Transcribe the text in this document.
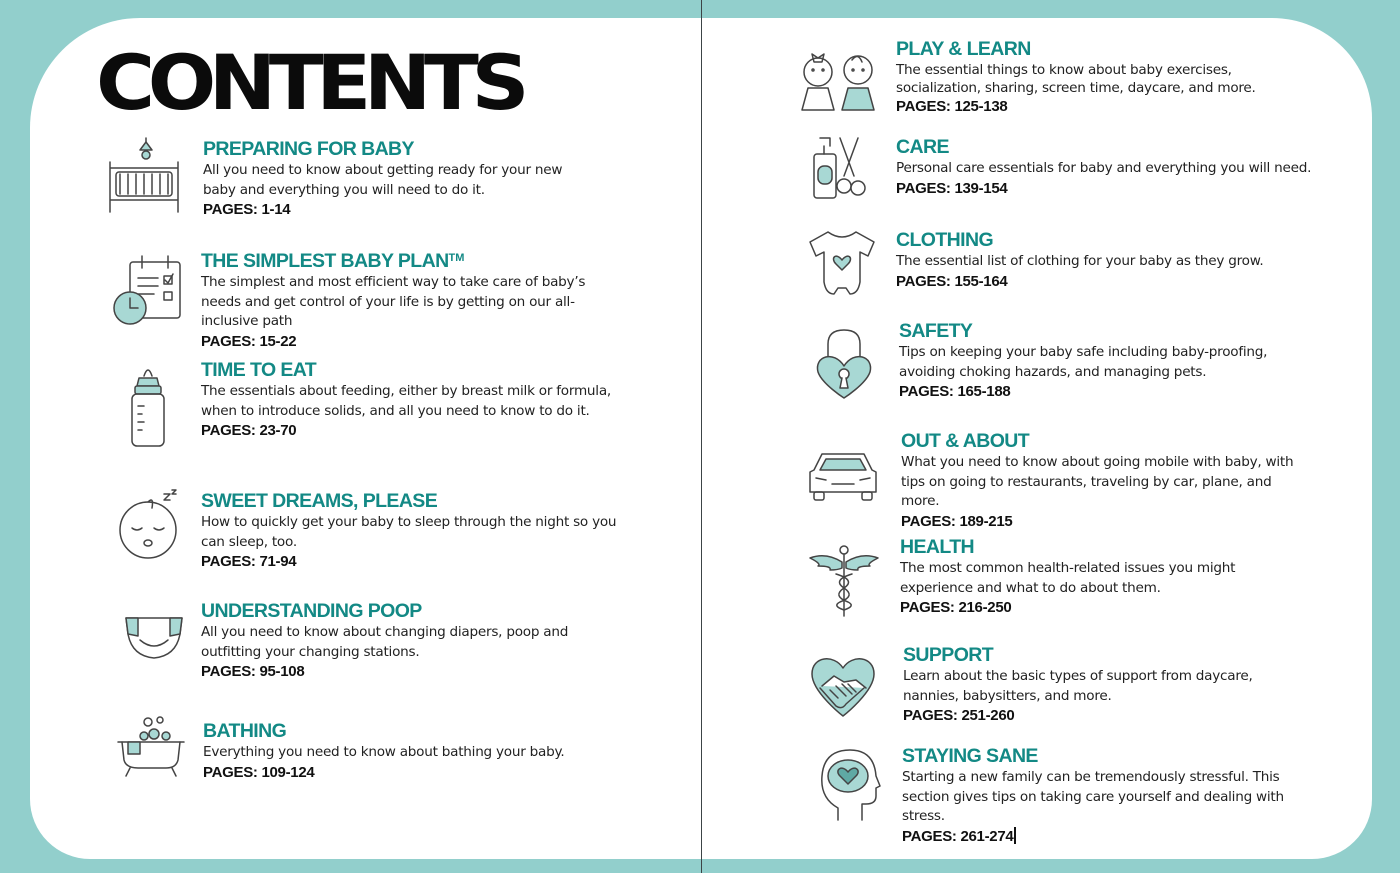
CONTENTS
PREPARING FOR BABY
All you need to know about getting ready for your new baby and everything you will need to do it.
PAGES: 1-14
THE SIMPLEST BABY PLAN™
The simplest and most efficient way to take care of baby’s needs and get control of your life is by getting on our all-inclusive path
PAGES: 15-22
TIME TO EAT
The essentials about feeding, either by breast milk or formula, when to introduce solids, and all you need to know to do it.
PAGES: 23-70
SWEET DREAMS, PLEASE
How to quickly get your baby to sleep through the night so you can sleep, too.
PAGES: 71-94
UNDERSTANDING POOP
All you need to know about changing diapers, poop and outfitting your changing stations.
PAGES: 95-108
BATHING
Everything you need to know about bathing your baby.
PAGES: 109-124
PLAY & LEARN
The essential things to know about baby exercises, socialization, sharing, screen time, daycare, and more.
PAGES: 125-138
CARE
Personal care essentials for baby and everything you will need.
PAGES: 139-154
CLOTHING
The essential list of clothing for your baby as they grow.
PAGES: 155-164
SAFETY
Tips on keeping your baby safe including baby-proofing, avoiding choking hazards, and managing pets.
PAGES: 165-188
OUT & ABOUT
What you need to know about going mobile with baby, with tips on going to restaurants, traveling by car, plane, and more.
PAGES: 189-215
HEALTH
The most common health-related issues you might experience and what to do about them.
PAGES: 216-250
SUPPORT
Learn about the basic types of support from daycare, nannies, babysitters, and more.
PAGES: 251-260
STAYING SANE
Starting a new family can be tremendously stressful. This section gives tips on taking care yourself and dealing with stress.
PAGES: 261-274
